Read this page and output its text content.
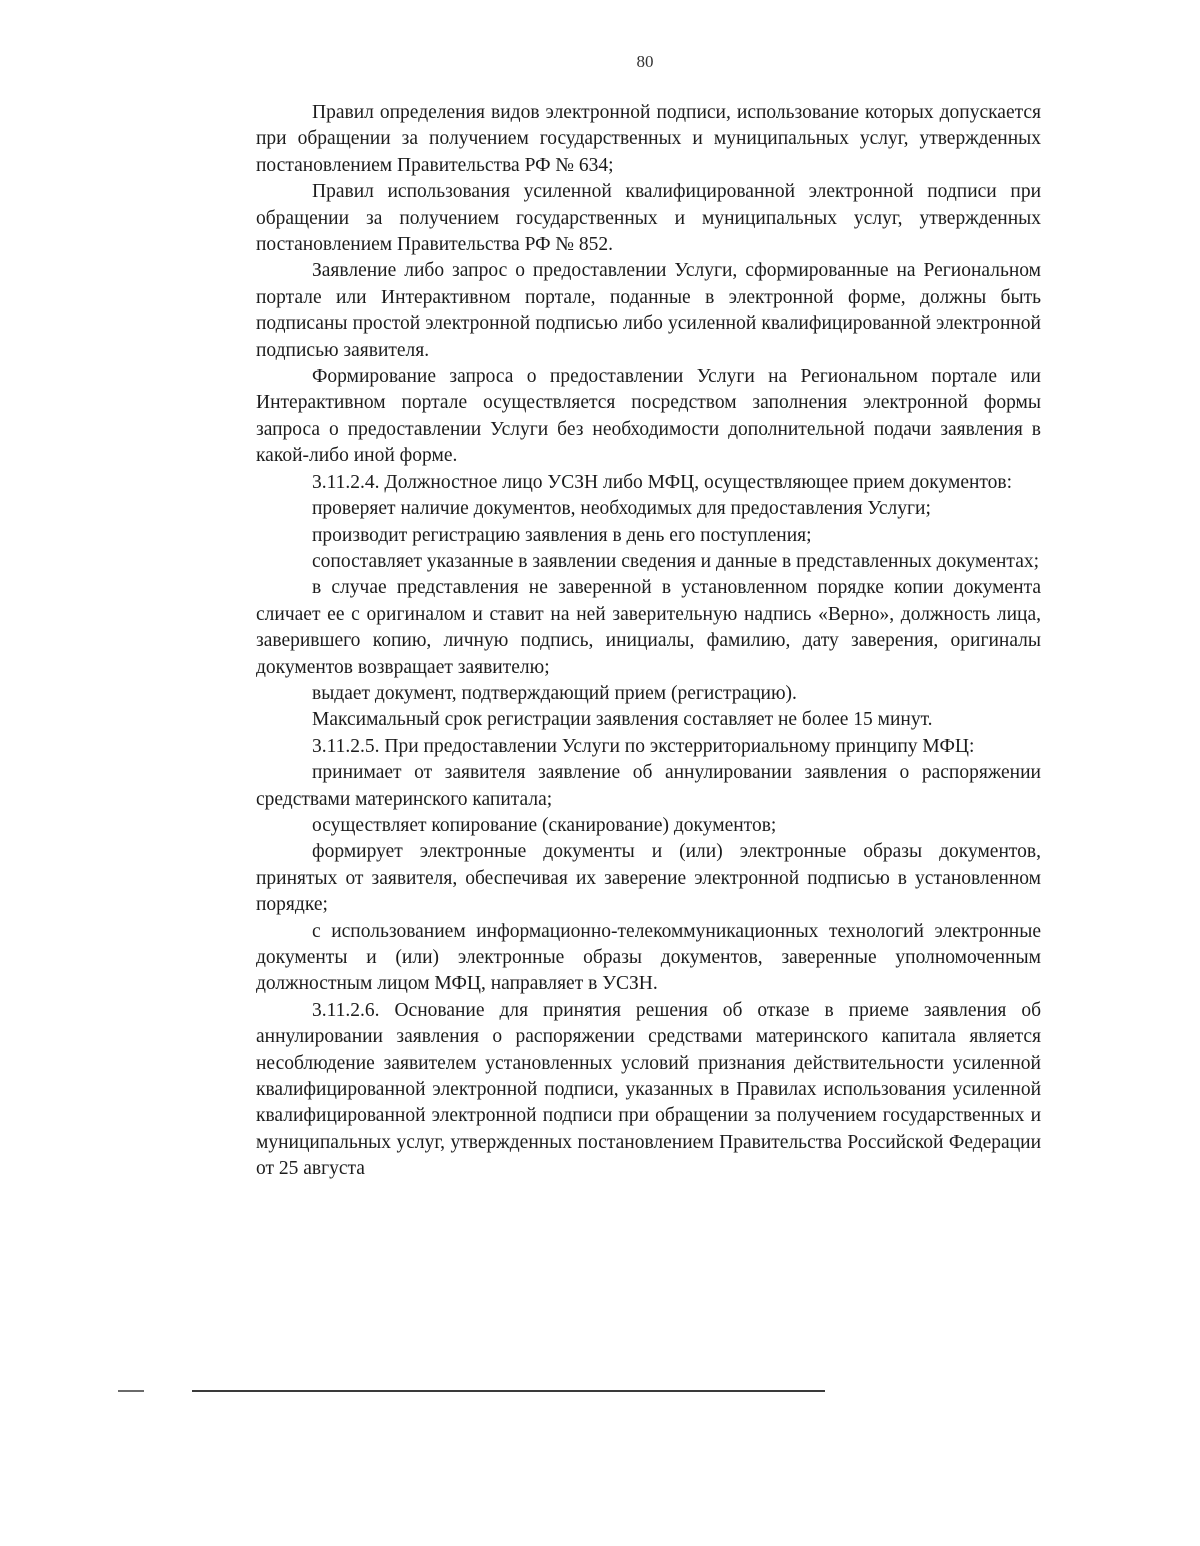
80

Правил определения видов электронной подписи, использование которых допускается при обращении за получением государственных и муниципальных услуг, утвержденных постановлением Правительства РФ № 634;

Правил использования усиленной квалифицированной электронной подписи при обращении за получением государственных и муниципальных услуг, утвержденных постановлением Правительства РФ № 852.

Заявление либо запрос о предоставлении Услуги, сформированные на Региональном портале или Интерактивном портале, поданные в электронной форме, должны быть подписаны простой электронной подписью либо усиленной квалифицированной электронной подписью заявителя.

Формирование запроса о предоставлении Услуги на Региональном портале или Интерактивном портале осуществляется посредством заполнения электронной формы запроса о предоставлении Услуги без необходимости дополнительной подачи заявления в какой-либо иной форме.

3.11.2.4. Должностное лицо УСЗН либо МФЦ, осуществляющее прием документов:

проверяет наличие документов, необходимых для предоставления Услуги;

производит регистрацию заявления в день его поступления;

сопоставляет указанные в заявлении сведения и данные в представленных документах;

в случае представления не заверенной в установленном порядке копии документа сличает ее с оригиналом и ставит на ней заверительную надпись «Верно», должность лица, заверившего копию, личную подпись, инициалы, фамилию, дату заверения, оригиналы документов возвращает заявителю;

выдает документ, подтверждающий прием (регистрацию).

Максимальный срок регистрации заявления составляет не более 15 минут.

3.11.2.5. При предоставлении Услуги по экстерриториальному принципу МФЦ:

принимает от заявителя заявление об аннулировании заявления о распоряжении средствами материнского капитала;

осуществляет копирование (сканирование) документов;

формирует электронные документы и (или) электронные образы документов, принятых от заявителя, обеспечивая их заверение электронной подписью в установленном порядке;

с использованием информационно-телекоммуникационных технологий электронные документы и (или) электронные образы документов, заверенные уполномоченным должностным лицом МФЦ, направляет в УСЗН.

3.11.2.6. Основание для принятия решения об отказе в приеме заявления об аннулировании заявления о распоряжении средствами материнского капитала является несоблюдение заявителем установленных условий признания действительности усиленной квалифицированной электронной подписи, указанных в Правилах использования усиленной квалифицированной электронной подписи при обращении за получением государственных и муниципальных услуг, утвержденных постановлением Правительства Российской Федерации от 25 августа
